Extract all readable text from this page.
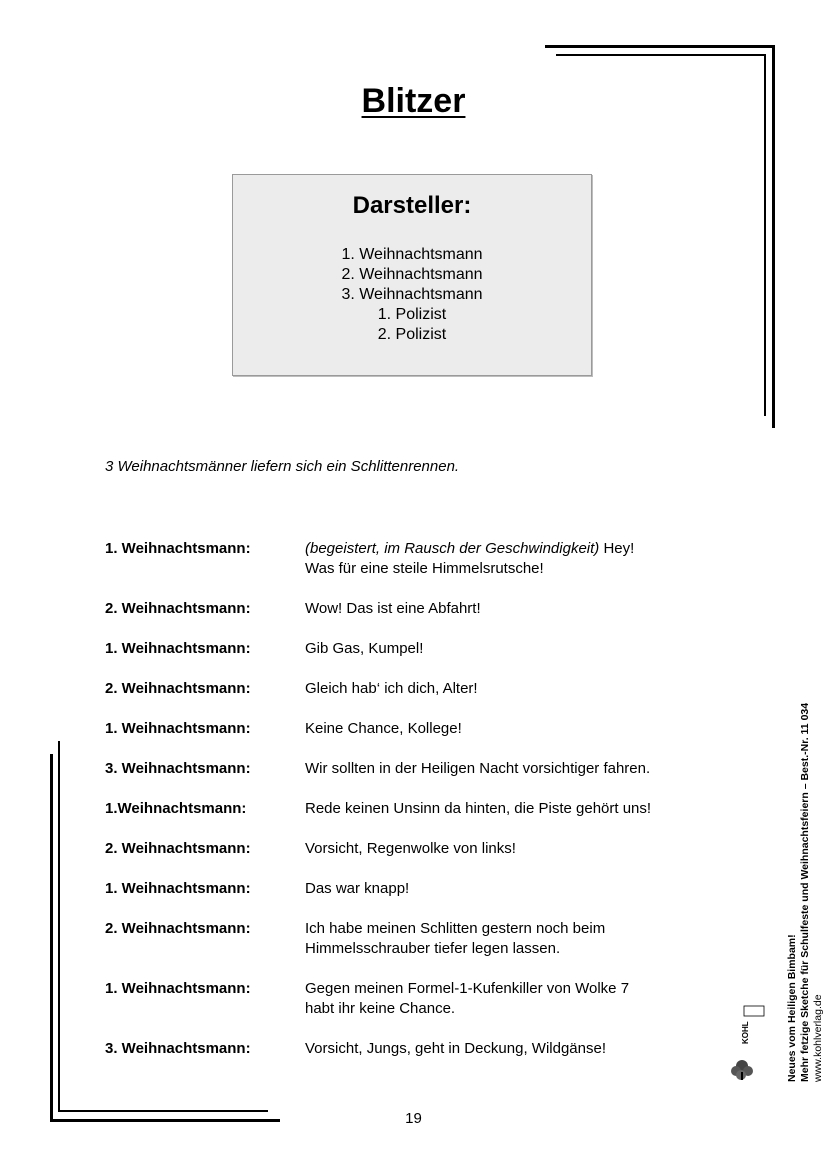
Blitzer
Darsteller:
1. Weihnachtsmann
2. Weihnachtsmann
3. Weihnachtsmann
1. Polizist
2. Polizist
3 Weihnachtsmänner liefern sich ein Schlittenrennen.
1. Weihnachtsmann:	(begeistert, im Rausch der Geschwindigkeit) Hey!
Was für eine steile Himmelsrutsche!
2. Weihnachtsmann:	Wow! Das ist eine Abfahrt!
1. Weihnachtsmann:	Gib Gas, Kumpel!
2. Weihnachtsmann:	Gleich hab‘ ich dich, Alter!
1. Weihnachtsmann:	Keine Chance, Kollege!
3. Weihnachtsmann:	Wir sollten in der Heiligen Nacht vorsichtiger fahren.
1.Weihnachtsmann:	Rede keinen Unsinn da hinten, die Piste gehört uns!
2. Weihnachtsmann:	Vorsicht, Regenwolke von links!
1. Weihnachtsmann:	Das war knapp!
2. Weihnachtsmann:	Ich habe meinen Schlitten gestern noch beim
Himmelsschrauber tiefer legen lassen.
1. Weihnachtsmann:	Gegen meinen Formel-1-Kufenkiller von Wolke 7
habt ihr keine Chance.
3. Weihnachtsmann:	Vorsicht, Jungs, geht in Deckung, Wildgänse!
19
Neues vom Heiligen Bimbam! Mehr fetzige Sketche für Schulfeste und Weihnachtsfeiern – Best.-Nr. 11 034 www.kohlverlag.de
KOHL
